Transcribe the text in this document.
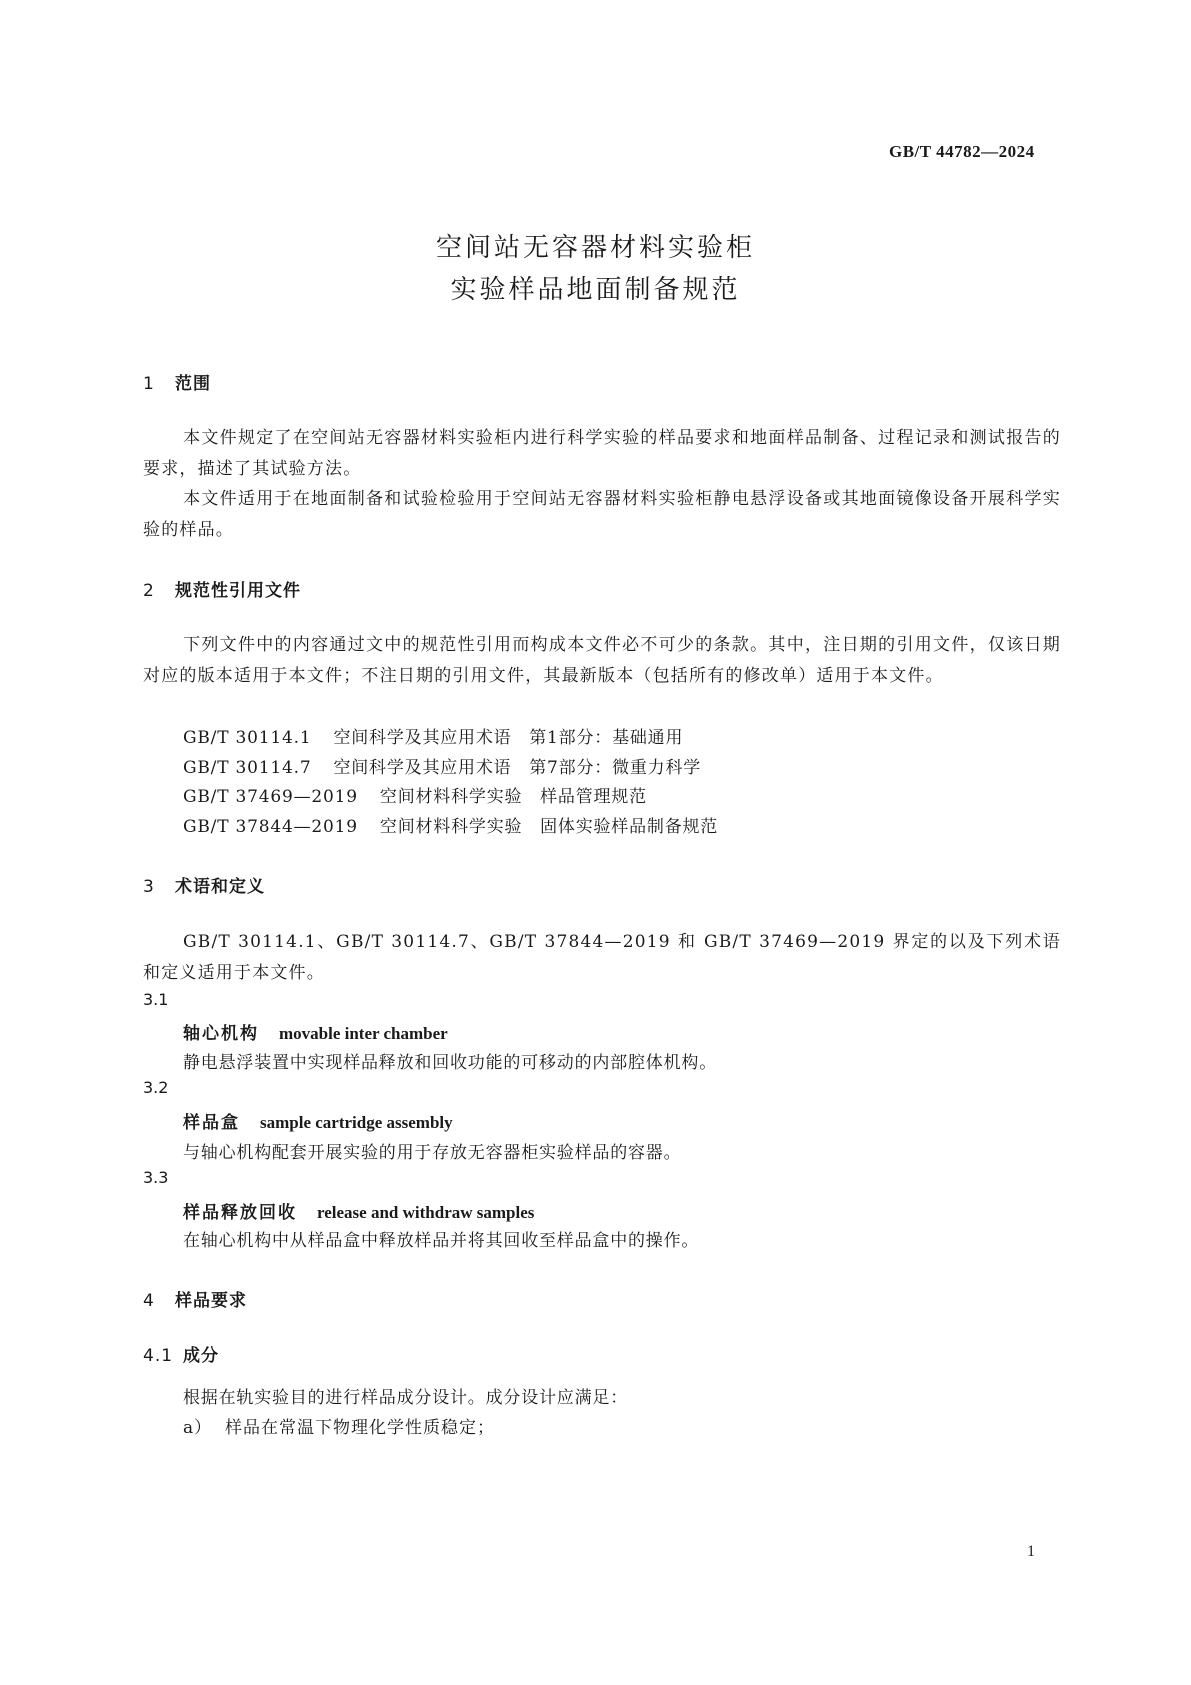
GB/T 44782—2024
空间站无容器材料实验柜
实验样品地面制备规范
1 范围
本文件规定了在空间站无容器材料实验柜内进行科学实验的样品要求和地面样品制备、过程记录和测试报告的要求，描述了其试验方法。
本文件适用于在地面制备和试验检验用于空间站无容器材料实验柜静电悬浮设备或其地面镜像设备开展科学实验的样品。
2 规范性引用文件
下列文件中的内容通过文中的规范性引用而构成本文件必不可少的条款。其中，注日期的引用文件，仅该日期对应的版本适用于本文件；不注日期的引用文件，其最新版本（包括所有的修改单）适用于本文件。
GB/T 30114.1 空间科学及其应用术语　第1部分：基础通用
GB/T 30114.7 空间科学及其应用术语　第7部分：微重力科学
GB/T 37469—2019 空间材料科学实验　样品管理规范
GB/T 37844—2019 空间材料科学实验　固体实验样品制备规范
3 术语和定义
GB/T 30114.1、GB/T 30114.7、GB/T 37844—2019 和 GB/T 37469—2019 界定的以及下列术语和定义适用于本文件。
3.1
轴心机构 movable inter chamber
静电悬浮装置中实现样品释放和回收功能的可移动的内部腔体机构。
3.2
样品盒 sample cartridge assembly
与轴心机构配套开展实验的用于存放无容器柜实验样品的容器。
3.3
样品释放回收 release and withdraw samples
在轴心机构中从样品盒中释放样品并将其回收至样品盒中的操作。
4 样品要求
4.1 成分
根据在轨实验目的进行样品成分设计。成分设计应满足：
a） 样品在常温下物理化学性质稳定；
1
